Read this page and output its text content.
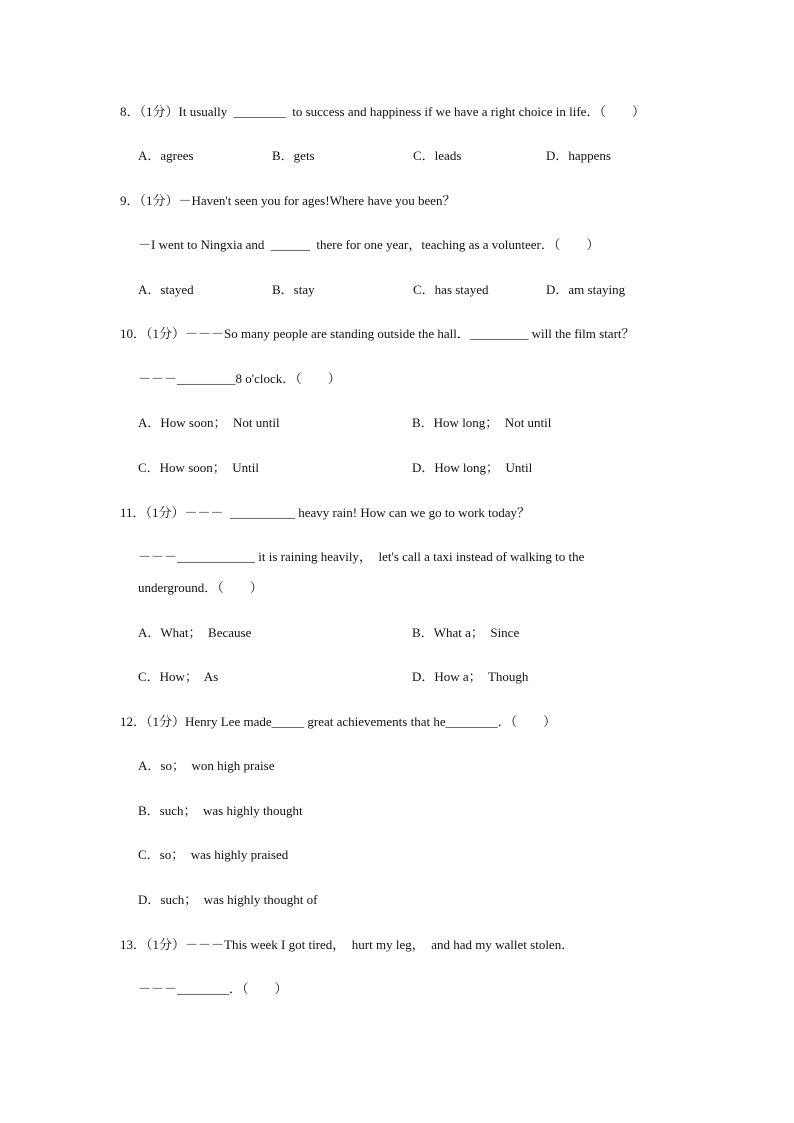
8．（1分）It usually  ________  to success and happiness if we have a right choice in life．（　　）
A．agrees	B．gets	C．leads	D．happens
9．（1分）－Haven't seen you for ages!Where have you been？
－I went to Ningxia and  ______  there for one year，teaching as a volunteer．（　　）
A．stayed	B．stay	C．has stayed	D．am staying
10．（1分）－－－So many people are standing outside the hall．_________ will the film start？
－－－_________8 o'clock．（　　）
A．How soon；  Not until	B．How long；  Not until
C．How soon；  Until	D．How long；  Until
11．（1分）－－－  __________ heavy rain! How can we go to work today？
－－－____________ it is raining heavily，  let's call a taxi instead of walking to the
underground．（　　）
A．What；  Because	B．What a；  Since
C．How；  As	D．How a；  Though
12．（1分）Henry Lee made_____ great achievements that he________．（　　）
A．so；  won high praise
B．such；  was highly thought
C．so；  was highly praised
D．such；  was highly thought of
13．（1分）－－－This week I got tired，  hurt my leg，  and had my wallet stolen．
－－－________．（　　）
